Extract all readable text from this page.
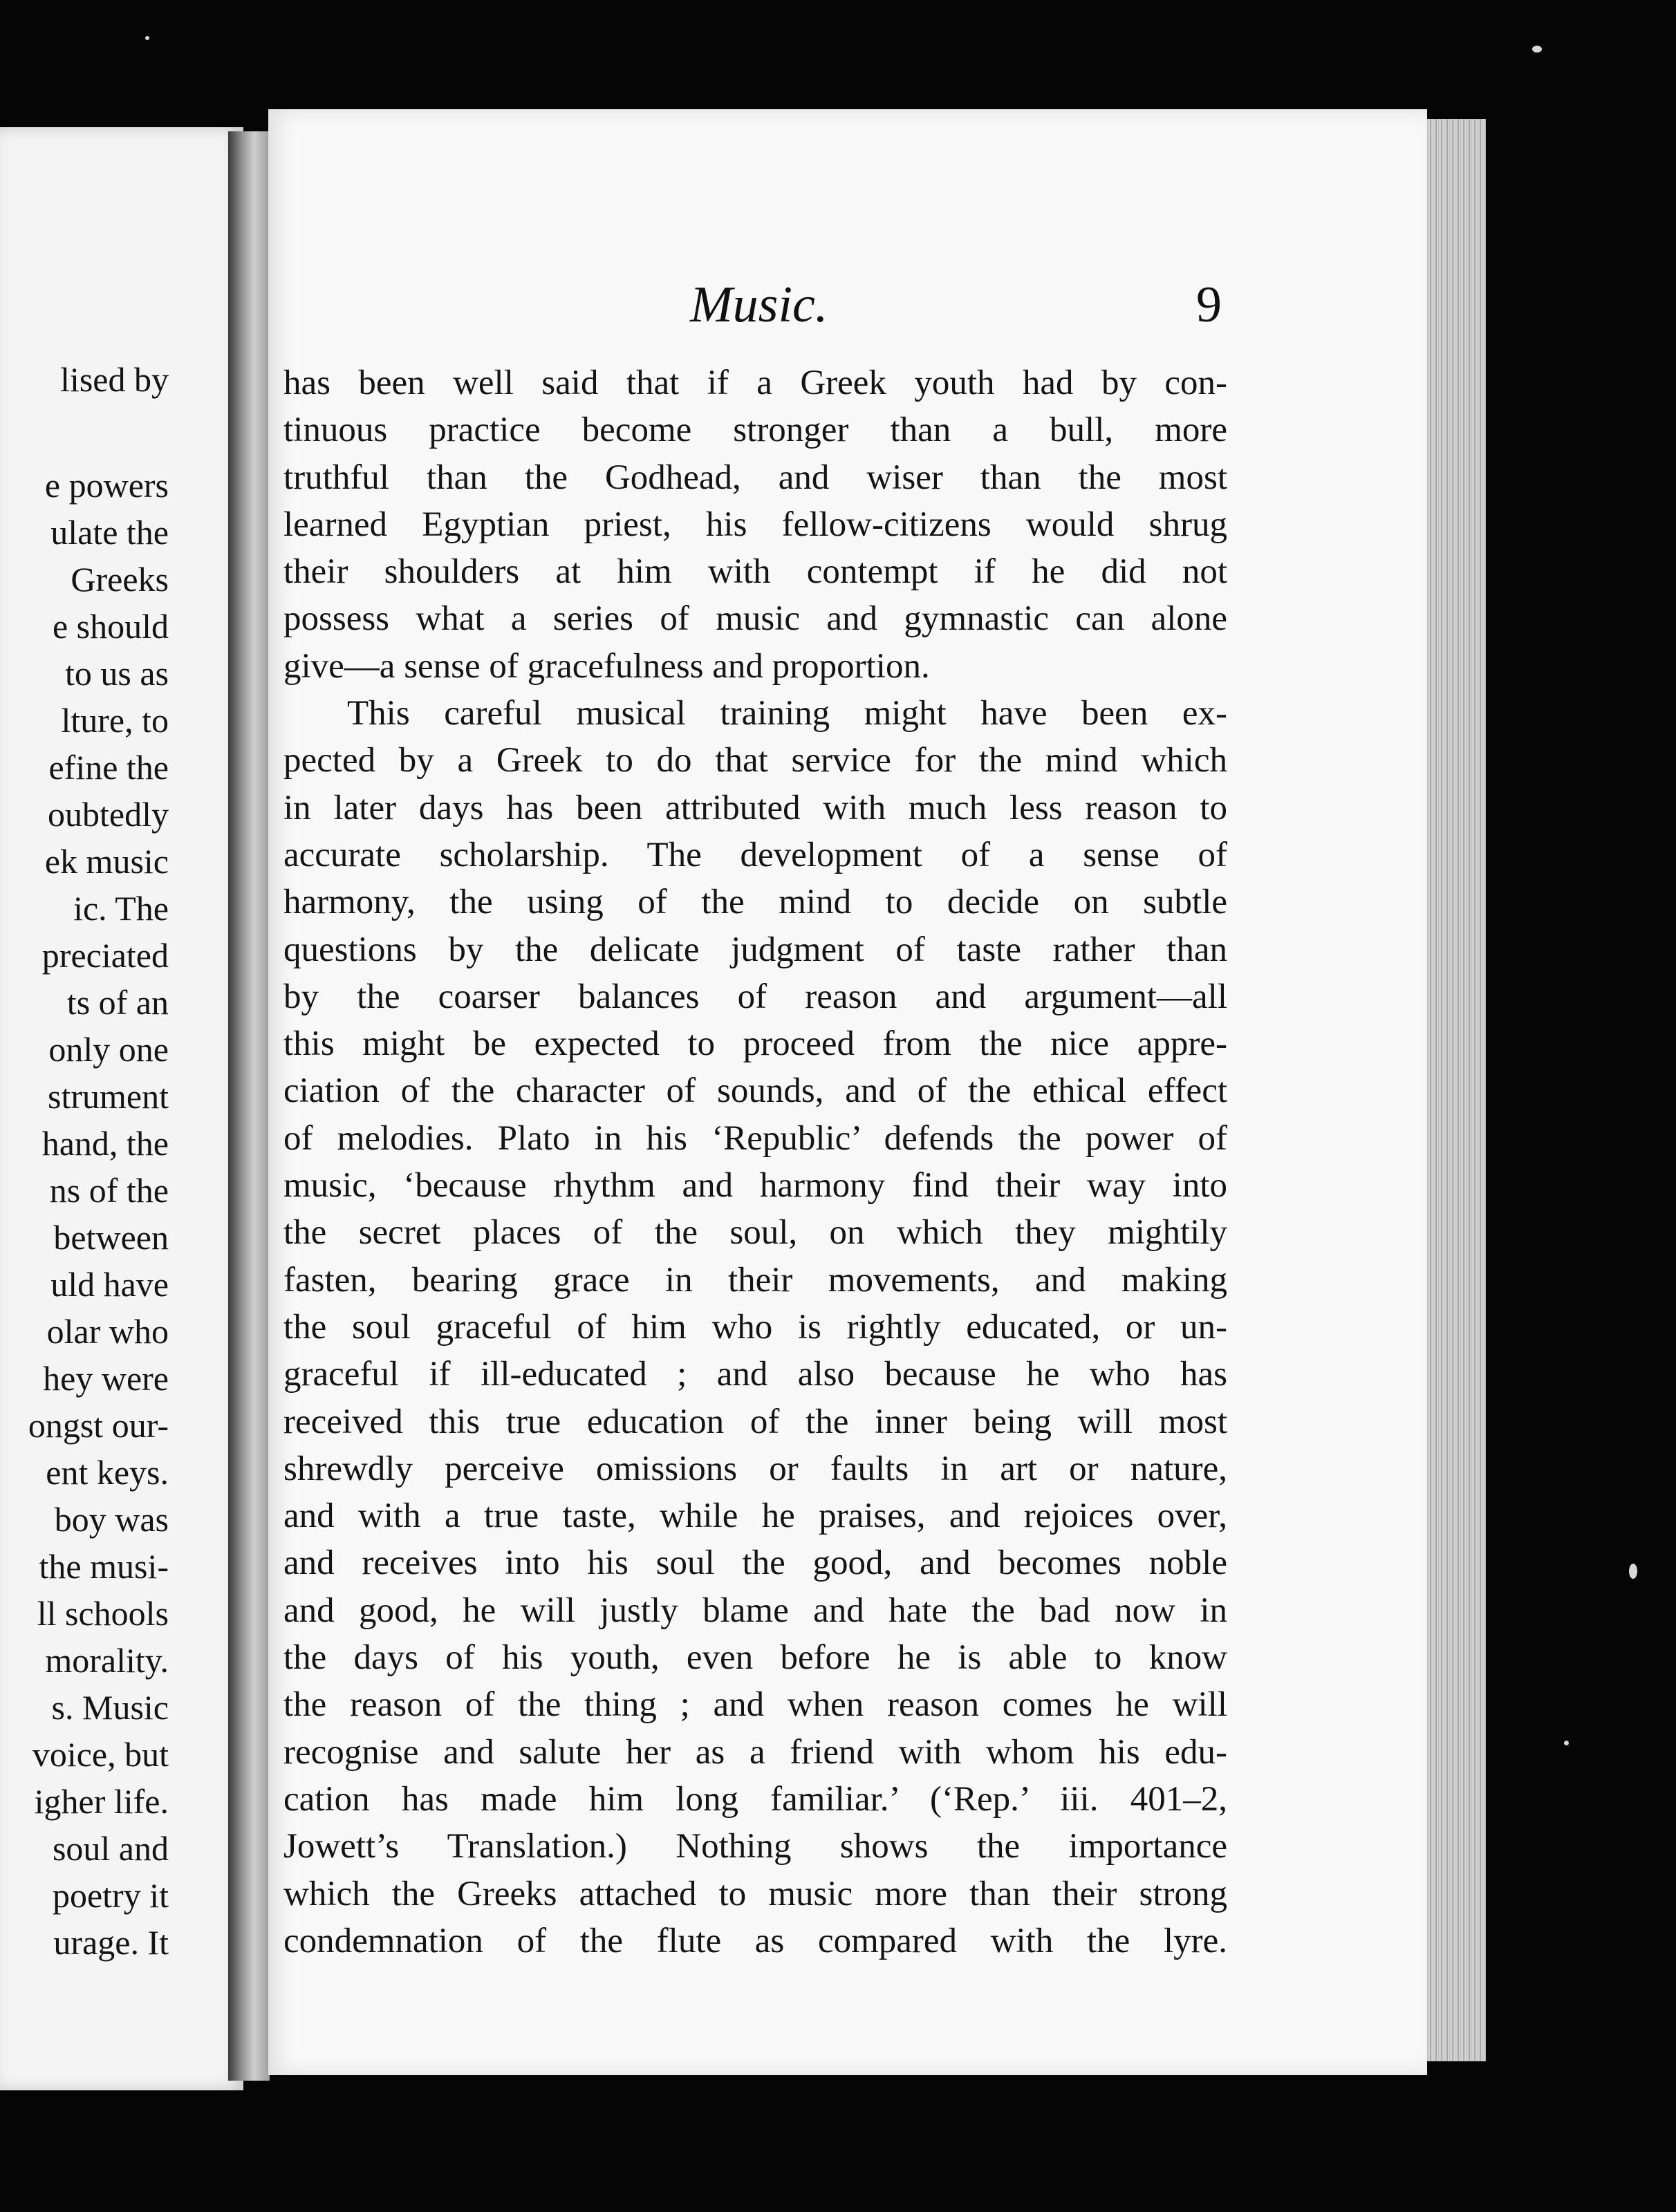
lised by
e powers
ulate the
Greeks
e should
to us as
lture, to
efine the
oubtedly
ek music
ic. The
preciated
ts of an
only one
strument
hand, the
ns of the
between
uld have
olar who
hey were
ongst our-
ent keys.
boy was
the musi-
ll schools
morality.
s. Music
voice, but
igher life.
soul and
poetry it
urage. It
Music.	9
has been well said that if a Greek youth had by con-
tinuous practice become stronger than a bull, more
truthful than the Godhead, and wiser than the most
learned Egyptian priest, his fellow-citizens would shrug
their shoulders at him with contempt if he did not
possess what a series of music and gymnastic can alone
give—a sense of gracefulness and proportion.
This careful musical training might have been ex-
pected by a Greek to do that service for the mind which
in later days has been attributed with much less reason to
accurate scholarship. The development of a sense of
harmony, the using of the mind to decide on subtle
questions by the delicate judgment of taste rather than
by the coarser balances of reason and argument—all
this might be expected to proceed from the nice appre-
ciation of the character of sounds, and of the ethical effect
of melodies. Plato in his ‘Republic’ defends the power of
music, ‘because rhythm and harmony find their way into
the secret places of the soul, on which they mightily
fasten, bearing grace in their movements, and making
the soul graceful of him who is rightly educated, or un-
graceful if ill-educated ; and also because he who has
received this true education of the inner being will most
shrewdly perceive omissions or faults in art or nature,
and with a true taste, while he praises, and rejoices over,
and receives into his soul the good, and becomes noble
and good, he will justly blame and hate the bad now in
the days of his youth, even before he is able to know
the reason of the thing ; and when reason comes he will
recognise and salute her as a friend with whom his edu-
cation has made him long familiar.’ (‘Rep.’ iii. 401–2,
Jowett’s Translation.) Nothing shows the importance
which the Greeks attached to music more than their strong
condemnation of the flute as compared with the lyre.
